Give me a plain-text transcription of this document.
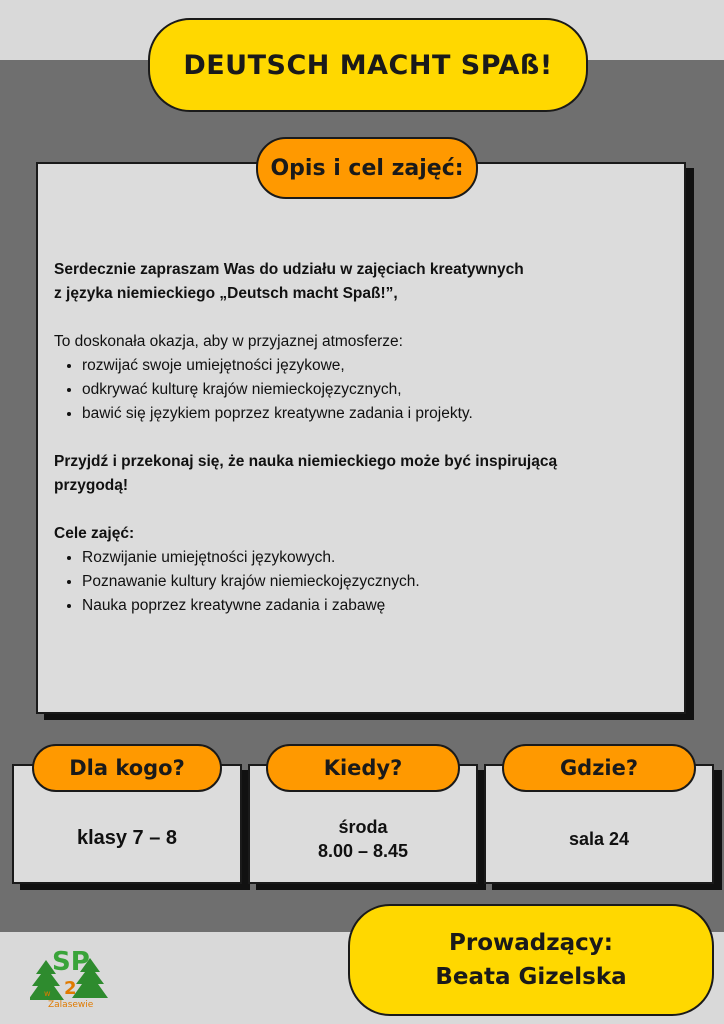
DEUTSCH MACHT SPAß!
Opis i cel zajęć:

Serdecznie zapraszam Was do udziału w zajęciach kreatywnych

z języka niemieckiego „Deutsch macht Spaß!”,

To doskonała okazja, aby w przyjaznej atmosferze:

• rozwijać swoje umiejętności językowe,
• odkrywać kulturę krajów niemieckojęzycznych,
• bawić się językiem poprzez kreatywne zadania i projekty.

Przyjdź i przekonaj się, że nauka niemieckiego może być inspirującą

przygodą!

Cele zajęć:

• Rozwijanie umiejętności językowych.
• Poznawanie kultury krajów niemieckojęzycznych.
• Nauka poprzez kreatywne zadania i zabawę
Dla kogo?
klasy 7 – 8
Kiedy?
środa
8.00 – 8.45
Gdzie?
sala 24
Prowadzący:
Beata Gizelska
SP
2
w
Zalasewie
